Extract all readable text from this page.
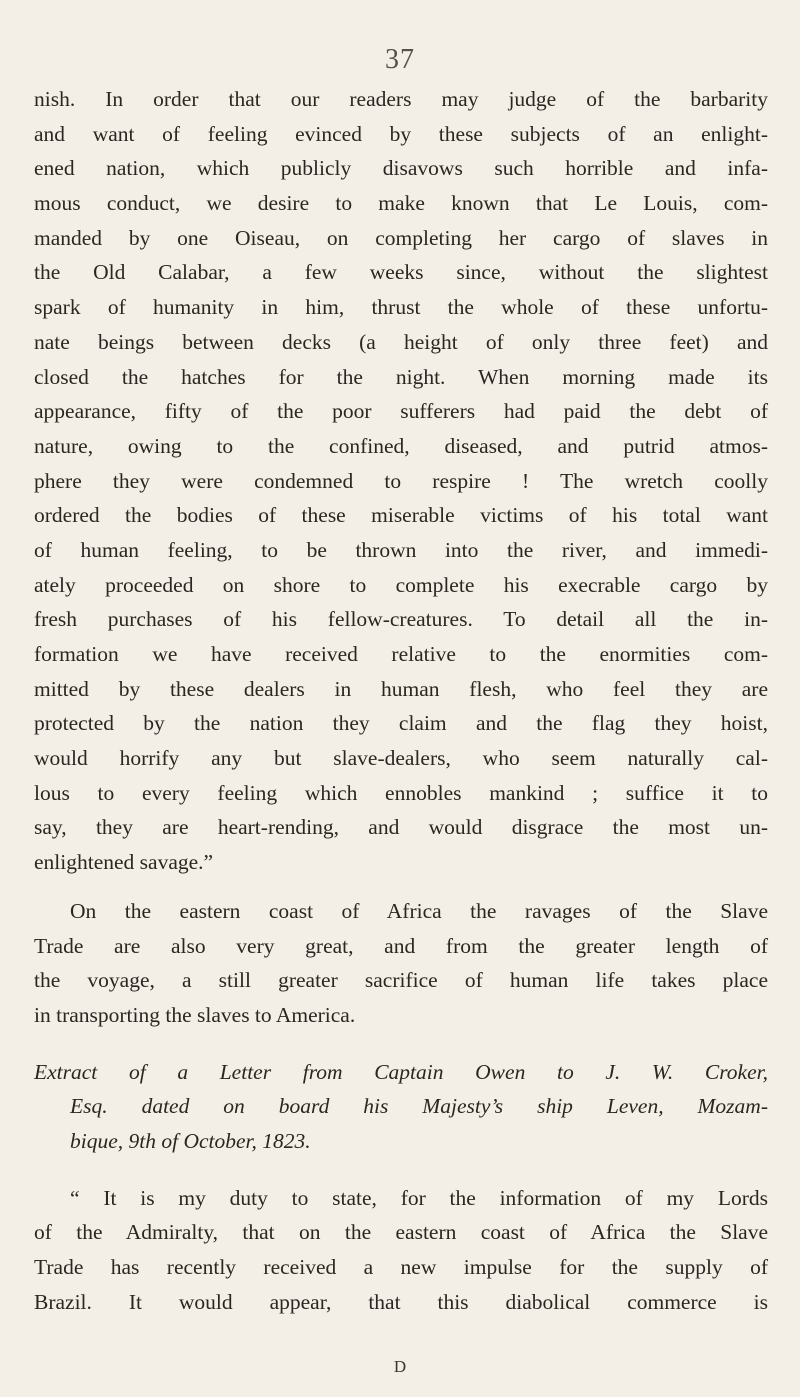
37
nish. In order that our readers may judge of the barbarity
and want of feeling evinced by these subjects of an enlight-
ened nation, which publicly disavows such horrible and infa-
mous conduct, we desire to make known that Le Louis, com-
manded by one Oiseau, on completing her cargo of slaves in
the Old Calabar, a few weeks since, without the slightest
spark of humanity in him, thrust the whole of these unfortu-
nate beings between decks (a height of only three feet) and
closed the hatches for the night. When morning made its
appearance, fifty of the poor sufferers had paid the debt of
nature, owing to the confined, diseased, and putrid atmos-
phere they were condemned to respire ! The wretch coolly
ordered the bodies of these miserable victims of his total want
of human feeling, to be thrown into the river, and immedi-
ately proceeded on shore to complete his execrable cargo by
fresh purchases of his fellow-creatures. To detail all the in-
formation we have received relative to the enormities com-
mitted by these dealers in human flesh, who feel they are
protected by the nation they claim and the flag they hoist,
would horrify any but slave-dealers, who seem naturally cal-
lous to every feeling which ennobles mankind ; suffice it to
say, they are heart-rending, and would disgrace the most un-
enlightened savage.”
On the eastern coast of Africa the ravages of the Slave
Trade are also very great, and from the greater length of
the voyage, a still greater sacrifice of human life takes place
in transporting the slaves to America.
Extract of a Letter from Captain Owen to J. W. Croker,
Esq. dated on board his Majesty’s ship Leven, Mozam-
bique, 9th of October, 1823.
“ It is my duty to state, for the information of my Lords
of the Admiralty, that on the eastern coast of Africa the Slave
Trade has recently received a new impulse for the supply of
Brazil. It would appear, that this diabolical commerce is
D
